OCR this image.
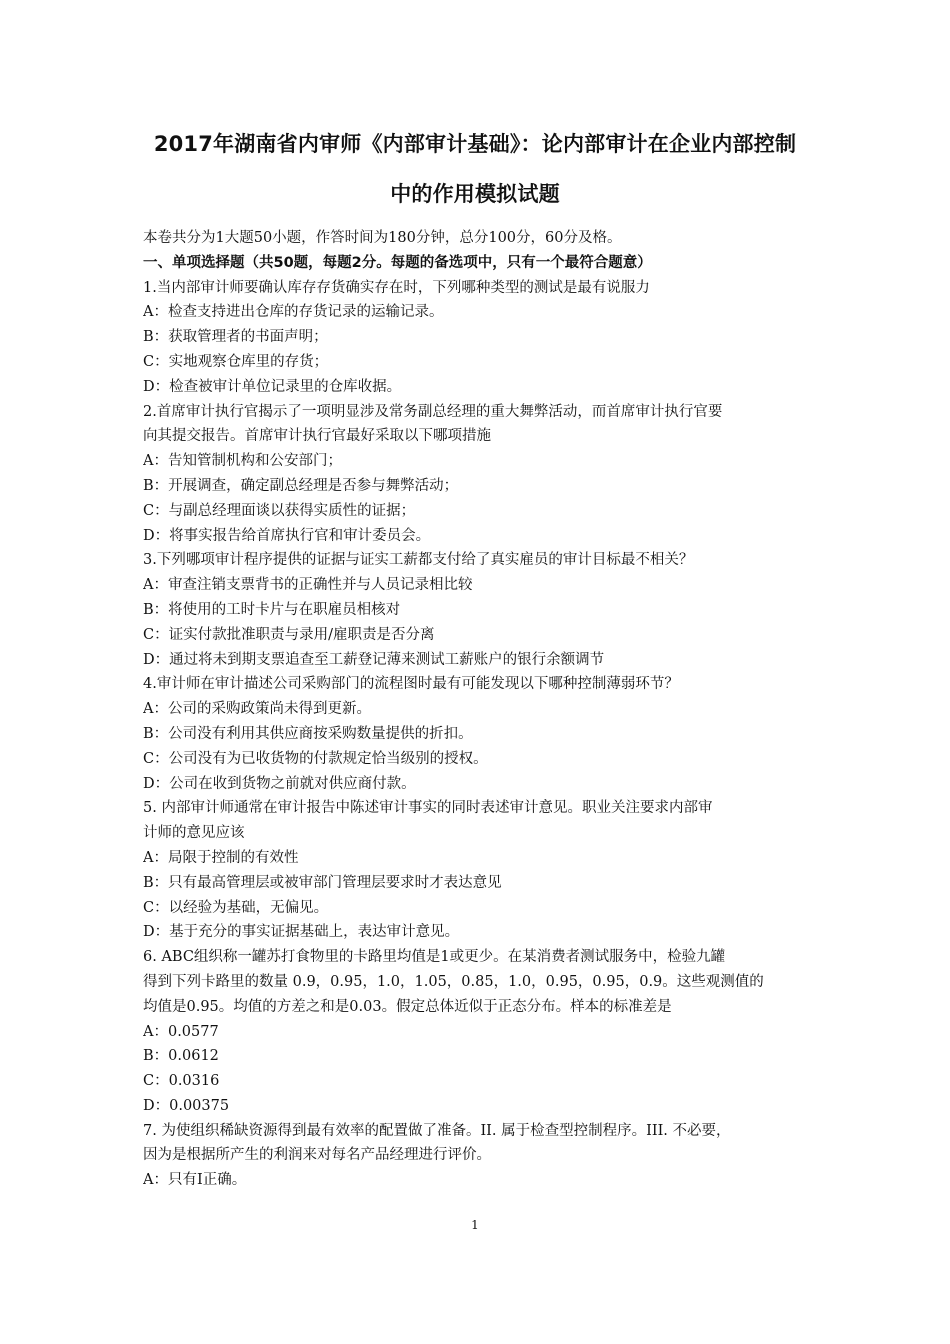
2017年湖南省内审师《内部审计基础》：论内部审计在企业内部控制
中的作用模拟试题
本卷共分为1大题50小题，作答时间为180分钟，总分100分，60分及格。
一、单项选择题（共50题，每题2分。每题的备选项中，只有一个最符合题意）
1.当内部审计师要确认库存存货确实存在时，下列哪种类型的测试是最有说服力
A：检查支持进出仓库的存货记录的运输记录。
B：获取管理者的书面声明；
C：实地观察仓库里的存货；
D：检查被审计单位记录里的仓库收据。
2.首席审计执行官揭示了一项明显涉及常务副总经理的重大舞弊活动，而首席审计执行官要
向其提交报告。首席审计执行官最好采取以下哪项措施
A：告知管制机构和公安部门；
B：开展调查，确定副总经理是否参与舞弊活动；
C：与副总经理面谈以获得实质性的证据；
D：将事实报告给首席执行官和审计委员会。
3.下列哪项审计程序提供的证据与证实工薪都支付给了真实雇员的审计目标最不相关？
A：审查注销支票背书的正确性并与人员记录相比较
B：将使用的工时卡片与在职雇员相核对
C：证实付款批准职责与录用/雇职责是否分离
D：通过将未到期支票追查至工薪登记薄来测试工薪账户的银行余额调节
4.审计师在审计描述公司采购部门的流程图时最有可能发现以下哪种控制薄弱环节？
A：公司的采购政策尚未得到更新。
B：公司没有利用其供应商按采购数量提供的折扣。
C：公司没有为已收货物的付款规定恰当级别的授权。
D：公司在收到货物之前就对供应商付款。
5. 内部审计师通常在审计报告中陈述审计事实的同时表述审计意见。职业关注要求内部审
计师的意见应该
A：局限于控制的有效性
B：只有最高管理层或被审部门管理层要求时才表达意见
C：以经验为基础，无偏见。
D：基于充分的事实证据基础上，表达审计意见。
6. ABC组织称一罐苏打食物里的卡路里均值是1或更少。在某消费者测试服务中，检验九罐
得到下列卡路里的数量 0.9，0.95，1.0，1.05，0.85，1.0，0.95，0.95，0.9。这些观测值的
均值是0.95。均值的方差之和是0.03。假定总体近似于正态分布。样本的标准差是
A：0.0577
B：0.0612
C：0.0316
D：0.00375
7. 为使组织稀缺资源得到最有效率的配置做了准备。II. 属于检查型控制程序。III. 不必要，
因为是根据所产生的利润来对每名产品经理进行评价。
A：只有I正确。
1
